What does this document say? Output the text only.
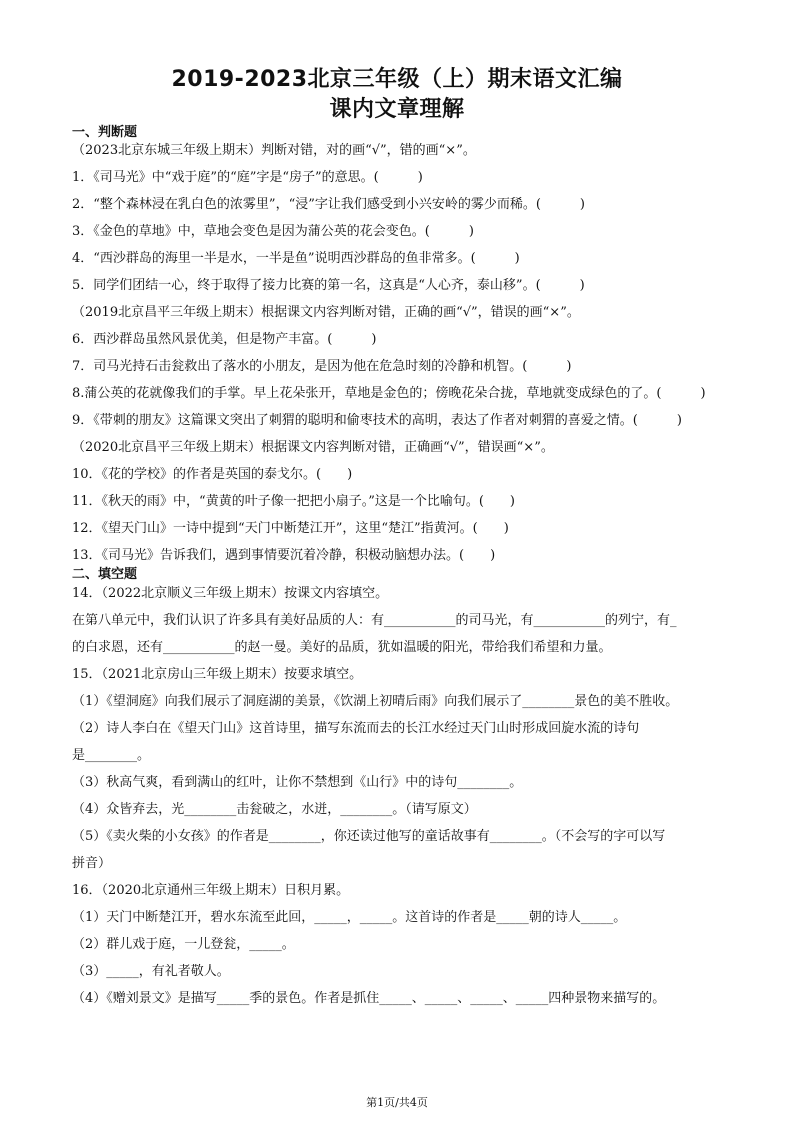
2019-2023北京三年级（上）期末语文汇编
课内文章理解
一、判断题
（2023北京东城三年级上期末）判断对错，对的画“√”，错的画“×”。
1．《司马光》中“戏于庭”的“庭”字是“房子”的意思。(　　　)
2．“整个森林浸在乳白色的浓雾里”，“浸”字让我们感受到小兴安岭的雾少而稀。(　　　)
3．《金色的草地》中，草地会变色是因为蒲公英的花会变色。(　　　)
4．“西沙群岛的海里一半是水，一半是鱼”说明西沙群岛的鱼非常多。(　　　)
5．同学们团结一心，终于取得了接力比赛的第一名，这真是“人心齐，泰山移”。(　　　)
（2019北京昌平三年级上期末）根据课文内容判断对错，正确的画“√”，错误的画“×”。
6．西沙群岛虽然风景优美，但是物产丰富。(　　　)
7．司马光持石击瓮救出了落水的小朋友，是因为他在危急时刻的冷静和机智。(　　　)
8.蒲公英的花就像我们的手掌。早上花朵张开，草地是金色的；傍晚花朵合拢，草地就变成绿色的了。(　　　)
9．《带刺的朋友》这篇课文突出了刺猬的聪明和偷枣技术的高明，表达了作者对刺猬的喜爱之情。(　　　)
（2020北京昌平三年级上期末）根据课文内容判断对错，正确画“√”，错误画“×”。
10．《花的学校》的作者是英国的泰戈尔。(　　)
11．《秋天的雨》中，“黄黄的叶子像一把把小扇子。”这是一个比喻句。(　　)
12．《望天门山》一诗中提到“天门中断楚江开”，这里“楚江”指黄河。(　　)
13．《司马光》告诉我们，遇到事情要沉着冷静，积极动脑想办法。(　　)
二、填空题
14．（2022北京顺义三年级上期末）按课文内容填空。
在第八单元中，我们认识了许多具有美好品质的人：有___________的司马光，有___________的列宁，有_
的白求恩，还有___________的赵一曼。美好的品质，犹如温暖的阳光，带给我们希望和力量。
15．（2021北京房山三年级上期末）按要求填空。
（1）《望洞庭》向我们展示了洞庭湖的美景，《饮湖上初晴后雨》向我们展示了________景色的美不胜收。
（2）诗人李白在《望天门山》这首诗里，描写东流而去的长江水经过天门山时形成回旋水流的诗句
是________。
（3）秋高气爽，看到满山的红叶，让你不禁想到《山行》中的诗句________。
（4）众皆弃去，光________击瓮破之，水迸，________。（请写原文）
（5）《卖火柴的小女孩》的作者是________，你还读过他写的童话故事有________。（不会写的字可以写
拼音）
16．（2020北京通州三年级上期末）日积月累。
（1）天门中断楚江开，碧水东流至此回，_____，_____。这首诗的作者是_____朝的诗人_____。
（2）群儿戏于庭，一儿登瓮，_____。
（3）_____，有礼者敬人。
（4）《赠刘景文》是描写_____季的景色。作者是抓住_____、_____、_____、_____四种景物来描写的。
第1页/共4页
